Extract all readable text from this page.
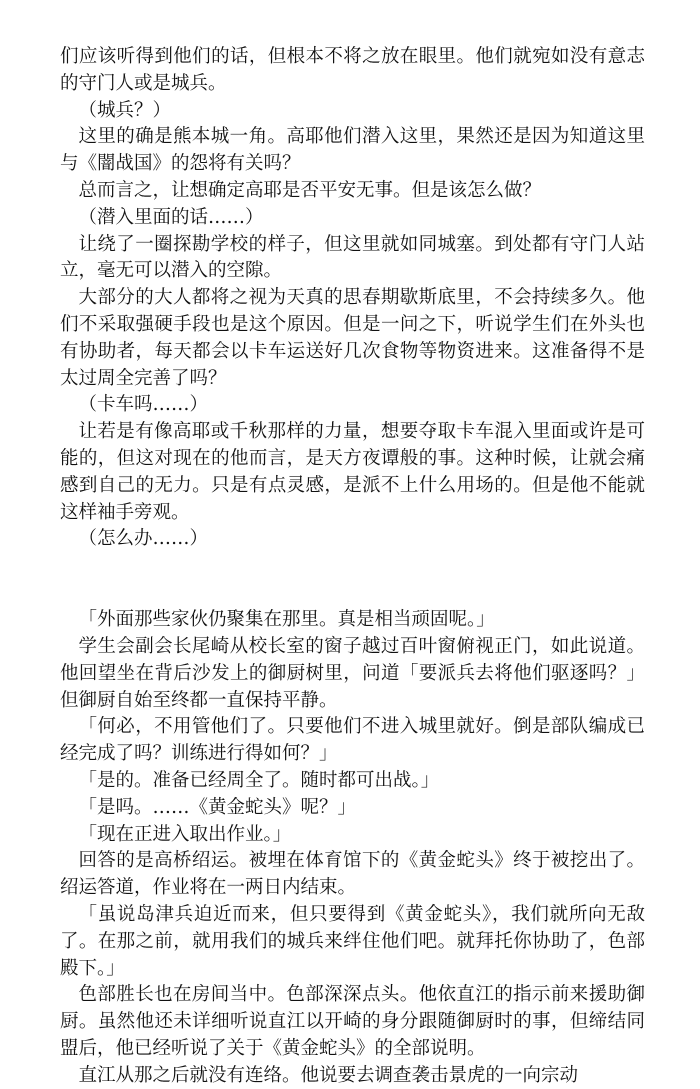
们应该听得到他们的话，但根本不将之放在眼里。他们就宛如没有意志的守门人或是城兵。

（城兵？）

这里的确是熊本城一角。高耶他们潜入这里，果然还是因为知道这里与《闇战国》的怨将有关吗？

总而言之，让想确定高耶是否平安无事。但是该怎么做？

（潜入里面的话……）

让绕了一圈探勘学校的样子，但这里就如同城塞。到处都有守门人站立，毫无可以潜入的空隙。

大部分的大人都将之视为天真的思春期歇斯底里，不会持续多久。他们不采取强硬手段也是这个原因。但是一问之下，听说学生们在外头也有协助者，每天都会以卡车运送好几次食物等物资进来。这准备得不是太过周全完善了吗？

（卡车吗……）

让若是有像高耶或千秋那样的力量，想要夺取卡车混入里面或许是可能的，但这对现在的他而言，是天方夜谭般的事。这种时候，让就会痛感到自己的无力。只是有点灵感，是派不上什么用场的。但是他不能就这样袖手旁观。

（怎么办……）

「外面那些家伙仍聚集在那里。真是相当顽固呢。」

学生会副会长尾崎从校长室的窗子越过百叶窗俯视正门，如此说道。他回望坐在背后沙发上的御厨树里，问道「要派兵去将他们驱逐吗？」但御厨自始至终都一直保持平静。

「何必，不用管他们了。只要他们不进入城里就好。倒是部队编成已经完成了吗？训练进行得如何？」

「是的。准备已经周全了。随时都可出战。」

「是吗。……《黄金蛇头》呢？」

「现在正进入取出作业。」

回答的是高桥绍运。被埋在体育馆下的《黄金蛇头》终于被挖出了。绍运答道，作业将在一两日内结束。

「虽说岛津兵迫近而来，但只要得到《黄金蛇头》，我们就所向无敌了。在那之前，就用我们的城兵来绊住他们吧。就拜托你协助了，色部殿下。」

色部胜长也在房间当中。色部深深点头。他依直江的指示前来援助御厨。虽然他还未详细听说直江以开崎的身分跟随御厨时的事，但缔结同盟后，他已经听说了关于《黄金蛇头》的全部说明。

直江从那之后就没有连络。他说要去调查袭击景虎的一向宗动
